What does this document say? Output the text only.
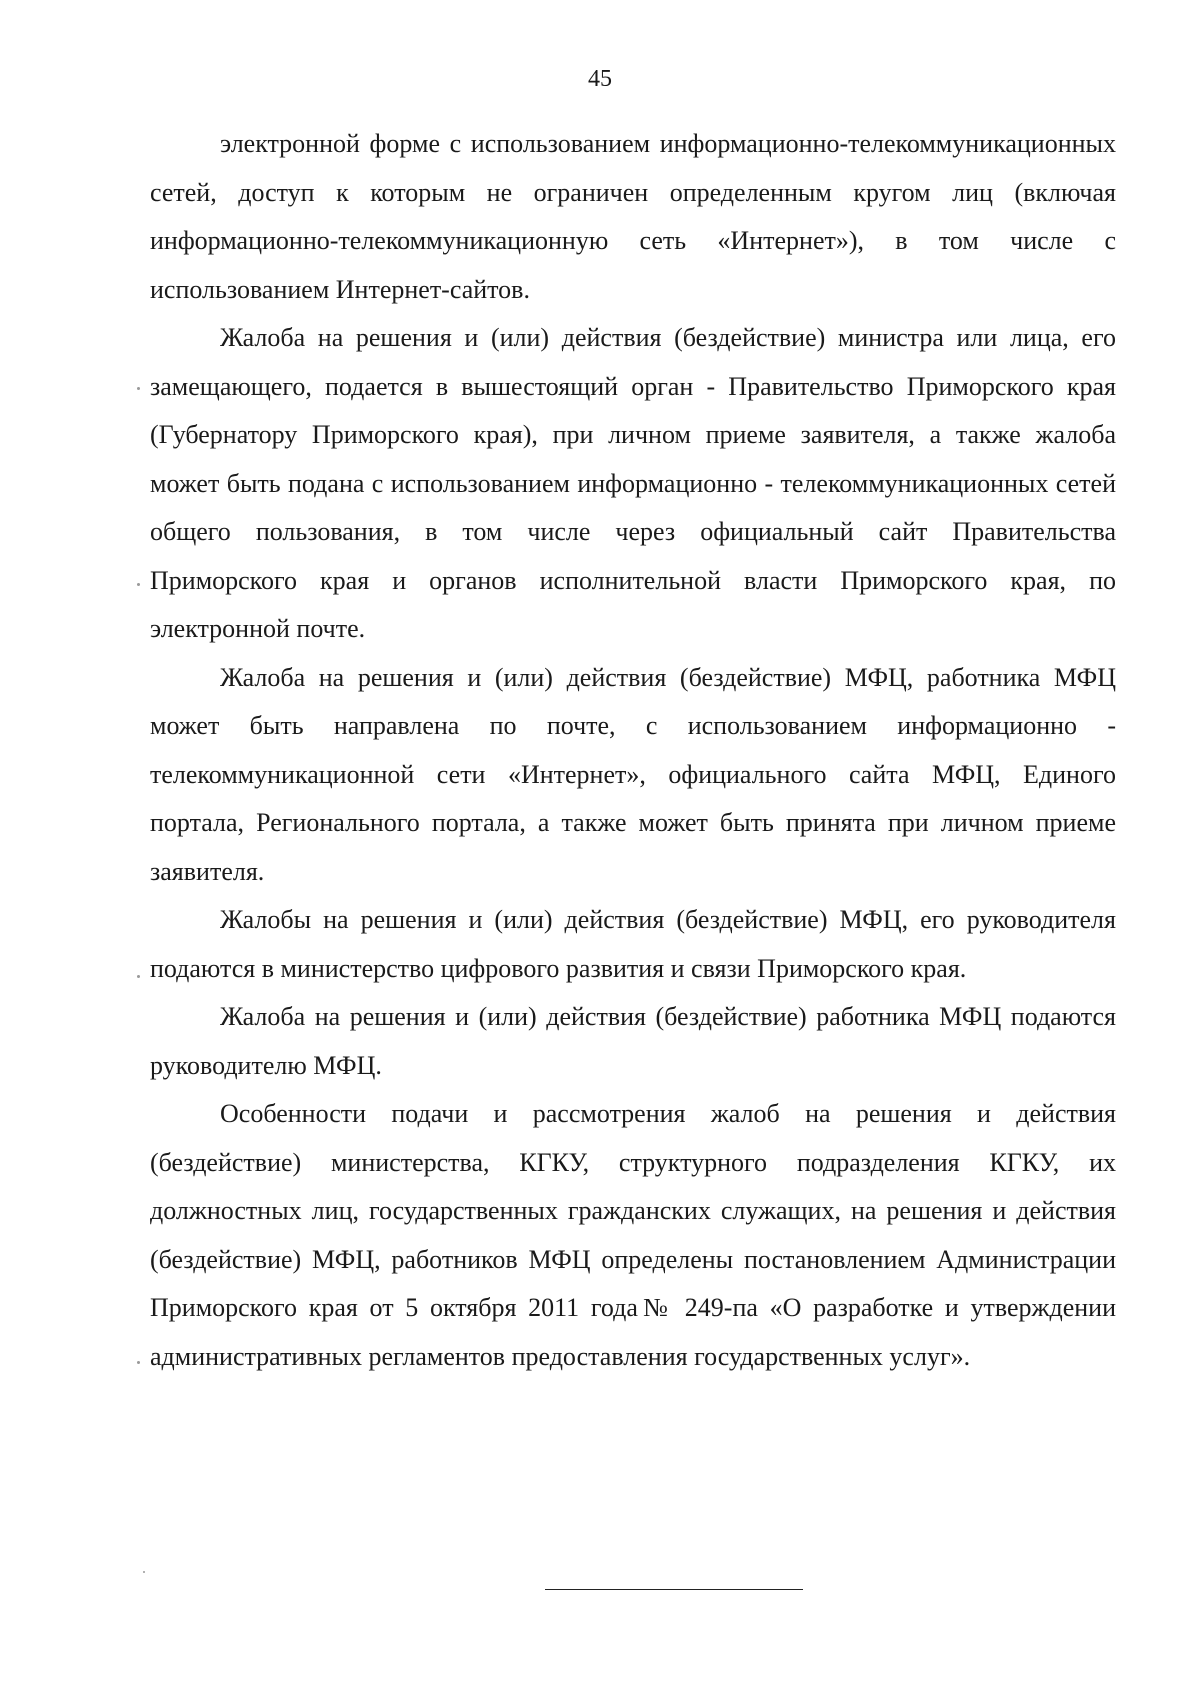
45

электронной форме с использованием информационно-телекоммуникационных сетей, доступ к которым не ограничен определенным кругом лиц (включая информационно-телекоммуникационную сеть «Интернет»), в том числе с использованием Интернет-сайтов.

Жалоба на решения и (или) действия (бездействие) министра или лица, его замещающего, подается в вышестоящий орган - Правительство Приморского края (Губернатору Приморского края), при личном приеме заявителя, а также жалоба может быть подана с использованием информационно - телекоммуникационных сетей общего пользования, в том числе через официальный сайт Правительства Приморского края и органов исполнительной власти Приморского края, по электронной почте.

Жалоба на решения и (или) действия (бездействие) МФЦ, работника МФЦ может быть направлена по почте, с использованием информационно - телекоммуникационной сети «Интернет», официального сайта МФЦ, Единого портала, Регионального портала, а также может быть принята при личном приеме заявителя.

Жалобы на решения и (или) действия (бездействие) МФЦ, его руководителя подаются в министерство цифрового развития и связи Приморского края.

Жалоба на решения и (или) действия (бездействие) работника МФЦ подаются руководителю МФЦ.

Особенности подачи и рассмотрения жалоб на решения и действия (бездействие) министерства, КГКУ, структурного подразделения КГКУ, их должностных лиц, государственных гражданских служащих, на решения и действия (бездействие) МФЦ, работников МФЦ определены постановлением Администрации Приморского края от 5 октября 2011 года№ 249-па «О разработке и утверждении административных регламентов предоставления государственных услуг».
